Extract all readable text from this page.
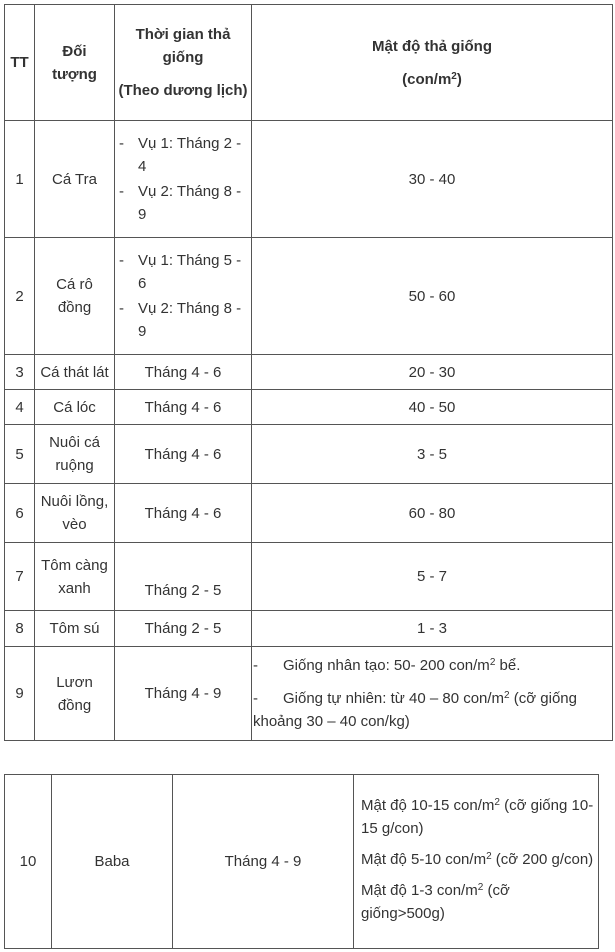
TT	Đối tượng	Thời gian thả giống
(Theo dương lịch)	Mật độ thả giống
$(con/m^2)$
1	Cá Tra	- Vụ 1: Tháng 2 - 4
- Vụ 2: Tháng 8 - 9	30 - 40
2	Cá rô đồng	- Vụ 1: Tháng 5 - 6
- Vụ 2: Tháng 8 - 9	50 - 60
3	Cá thát lát	Tháng 4 - 6	20 - 30
4	Cá lóc	Tháng 4 - 6	40 - 50
5	Nuôi cá ruộng	Tháng 4 - 6	3 - 5
6	Nuôi lồng, vèo	Tháng 4 - 6	60 - 80
7	Tôm càng xanh	Tháng 2 - 5	5 - 7
8	Tôm sú	Tháng 2 - 5	1 - 3
9	Lươn đồng	Tháng 4 - 9	- Giống nhân tạo: 50- 200 con/$m^2$ bể.
- Giống tự nhiên: từ 40 – 80 con/$m^2$ (cỡ giống khoảng 30 – 40 con/kg)
10	Baba	Tháng 4 - 9	
Mật độ 10-15 con/$m^2$ (cỡ giống 10-15 g/con)
Mật độ 5-10 con/$m^2$ (cỡ 200 g/con)
Mật độ 1-3 con/$m^2$ (cỡ giống>500g)
